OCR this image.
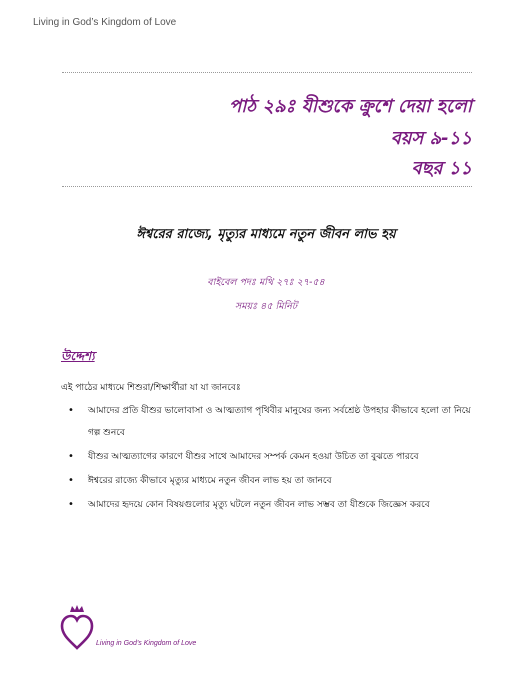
Living in God’s Kingdom of Love
পাঠ ২৯ঃ যীশুকে ক্রুশে দেয়া হলো
বয়স ৯-১১
বছর ১১
ঈশ্বরের রাজ্যে, মৃত্যুর মাধ্যমে নতুন জীবন লাভ হয়
বাইবেল পদঃ মথি ২৭ঃ ২৭-৫৪
সময়ঃ ৪৫ মিনিট
উদ্দেশ্য
এই পাঠের মাধ্যমে শিশুরা/শিক্ষার্থীরা যা যা জানবেঃ
• আমাদের প্রতি যীশুর ভালোবাসা ও আত্মত্যাগ পৃথিবীর মানুষের জন্য সর্বশ্রেষ্ঠ উপহার কীভাবে হলো তা নিয়ে গল্প শুনবে
• যীশুর আত্মত্যাগের কারণে যীশুর সাথে আমাদের সম্পর্ক কেমন হওয়া উচিত তা বুঝতে পারবে
• ঈশ্বরের রাজ্যে কীভাবে মৃত্যুর মাধ্যমে নতুন জীবন লাভ হয় তা জানবে
• আমাদের হৃদয়ে কোন বিষয়গুলোর মৃত্যু ঘটলে নতুন জীবন লাভ সম্ভব তা যীশুকে জিজ্ঞেস করবে
Living in God’s Kingdom of Love
